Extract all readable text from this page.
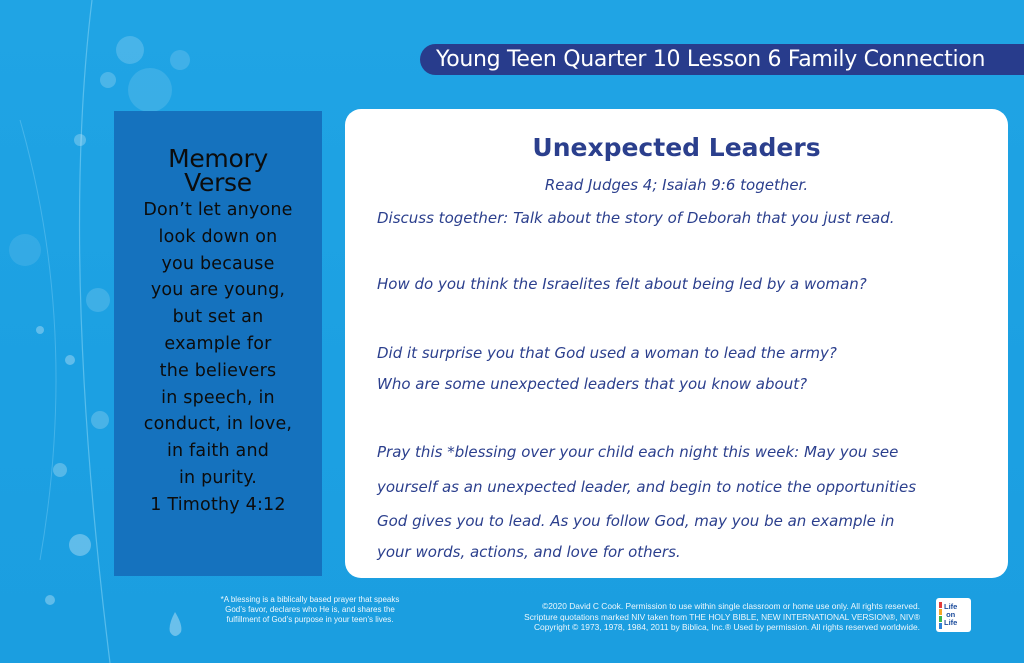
Young Teen Quarter 10 Lesson 6 Family Connection
Memory
Verse
Don’t let anyone
look down on
you because
you are young,
but set an
example for
the believers
in speech, in
conduct, in love,
in faith and
in purity.
1 Timothy 4:12
Unexpected Leaders
Read Judges 4; Isaiah 9:6 together.
Discuss together: Talk about the story of Deborah that you just read.
How do you think the Israelites felt about being led by a woman?
Did it surprise you that God used a woman to lead the army?
Who are some unexpected leaders that you know about?
Pray this *blessing over your child each night this week: May you see
yourself as an unexpected leader, and begin to notice the opportunities
God gives you to lead. As you follow God, may you be an example in
your words, actions, and love for others.
*A blessing is a biblically based prayer that speaks
God’s favor, declares who He is, and shares the
fulfillment of God’s purpose in your teen’s lives.
©2020 David C Cook. Permission to use within single classroom or home use only. All rights reserved.
Scripture quotations marked NIV taken from THE HOLY BIBLE, NEW INTERNATIONAL VERSION®, NIV®
Copyright © 1973, 1978, 1984, 2011 by Biblica, Inc.® Used by permission. All rights reserved worldwide.
Life
on
Life
